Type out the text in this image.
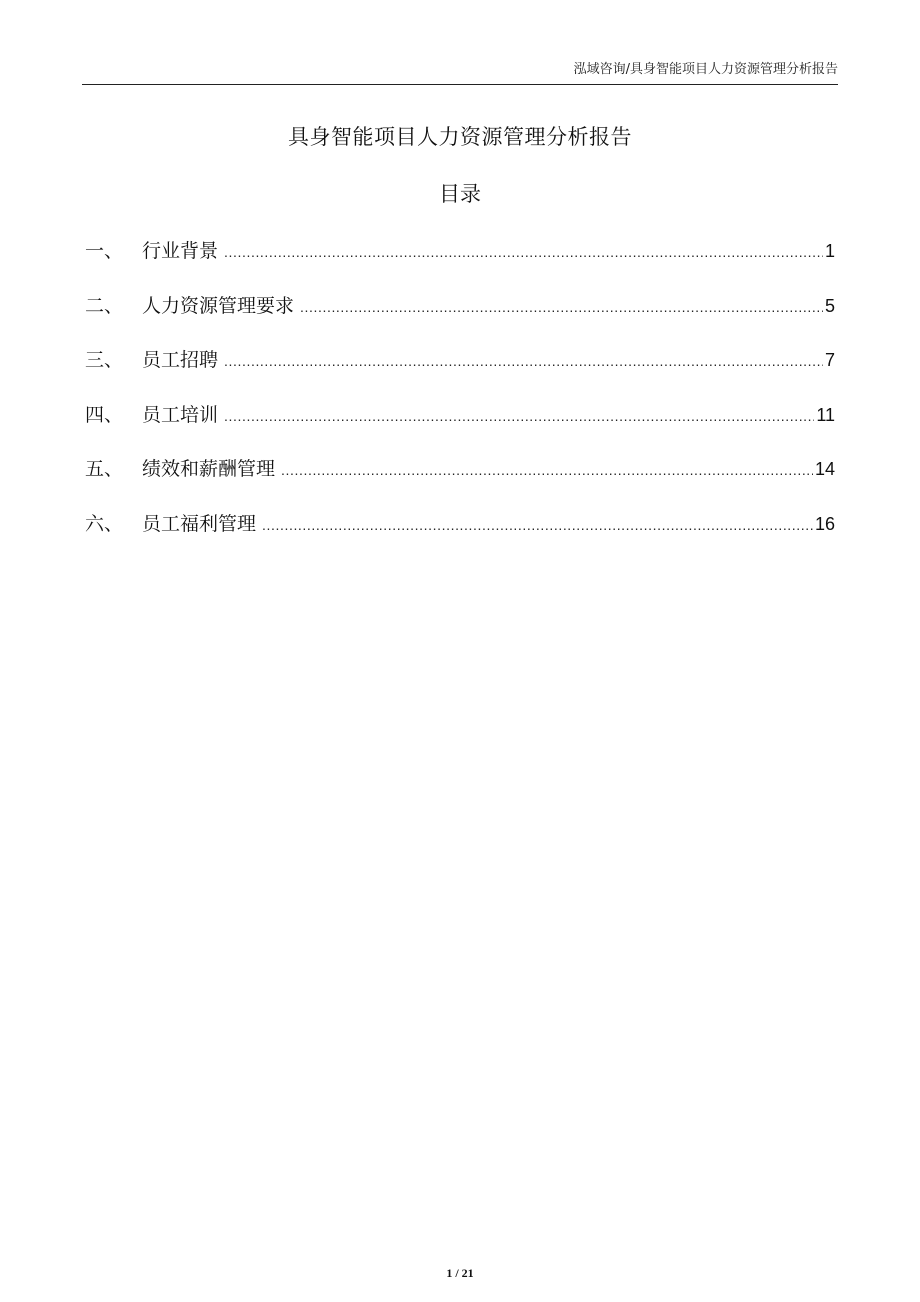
泓域咨询/具身智能项目人力资源管理分析报告
具身智能项目人力资源管理分析报告
目录
一、 行业背景 .....	1
二、 人力资源管理要求 .....	5
三、 员工招聘 .....	7
四、 员工培训 .....	11
五、 绩效和薪酬管理 .....	14
六、 员工福利管理 .....	16
1 / 21
